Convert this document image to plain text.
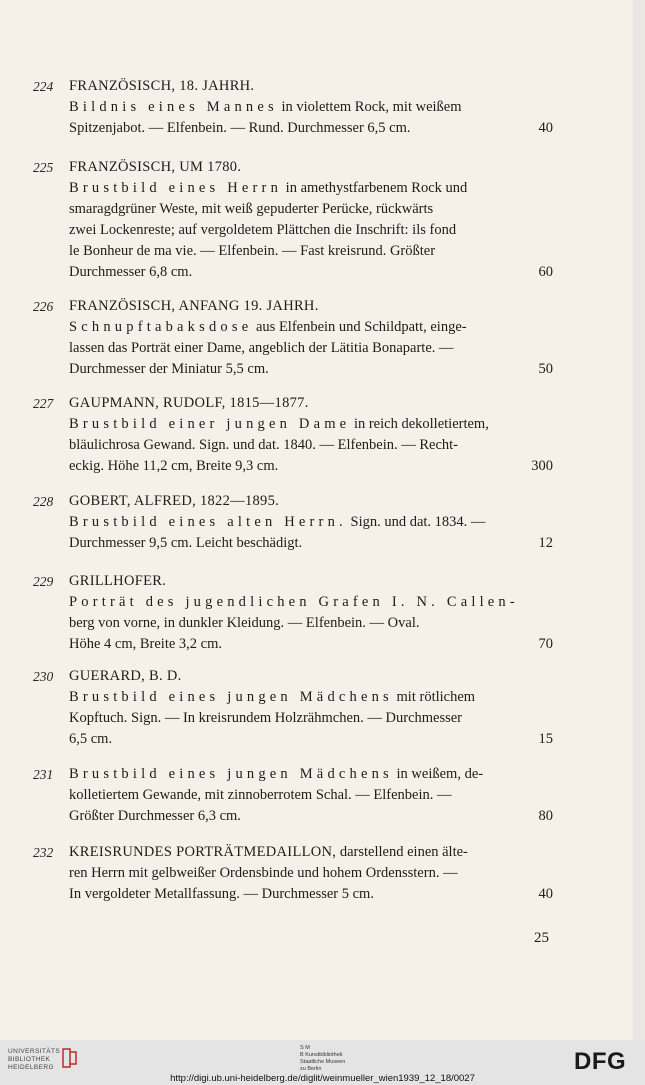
224 FRANZÖSISCH, 18. JAHRH.
Bildnis eines Mannes in violettem Rock, mit weißem
Spitzenjabot. — Elfenbein. — Rund. Durchmesser 6,5 cm.	40
225 FRANZÖSISCH, UM 1780.
Brustbild eines Herrn in amethystfarbenem Rock und
smaragdgrüner Weste, mit weiß gepuderter Perücke, rückwärts
zwei Lockenreste; auf vergoldetem Plättchen die Inschrift: ils fond
le Bonheur de ma vie. — Elfenbein. — Fast kreisrund. Größter
Durchmesser 6,8 cm.	60
226 FRANZÖSISCH, ANFANG 19. JAHRH.
Schnupftabaksdose aus Elfenbein und Schildpatt, einge-
lassen das Porträt einer Dame, angeblich der Lätitia Bonaparte. —
Durchmesser der Miniatur 5,5 cm.	50
227 GAUPMANN, RUDOLF, 1815—1877.
Brustbild einer jungen Dame in reich dekolletiertem,
bläulichrosa Gewand. Sign. und dat. 1840. — Elfenbein. — Recht-
eckig. Höhe 11,2 cm, Breite 9,3 cm.	300
228 GOBERT, ALFRED, 1822—1895.
Brustbild eines alten Herrn. Sign. und dat. 1834. —
Durchmesser 9,5 cm. Leicht beschädigt.	12
229 GRILLHOFER.
Porträt des jugendlichen Grafen I. N. Callen-
berg von vorne, in dunkler Kleidung. — Elfenbein. — Oval.
Höhe 4 cm, Breite 3,2 cm.	70
230 GUERARD, B. D.
Brustbild eines jungen Mädchens mit rötlichem
Kopftuch. Sign. — In kreisrundem Holzrähmchen. — Durchmesser
6,5 cm.	15
231 Brustbild eines jungen Mädchens in weißem, de-
kolletiertem Gewande, mit zinnoberrotem Schal. — Elfenbein. —
Größter Durchmesser 6,3 cm.	80
232 KREISRUNDES PORTRÄTMEDAILLON, darstellend einen älte-
ren Herrn mit gelbweißer Ordensbinde und hohem Ordensstern. —
In vergoldeter Metallfassung. — Durchmesser 5 cm.	40
25
UNIVERSITÄTS
BIBLIOTHEK
HEIDELBERG
S M
B Kunstbibliothek
Staatliche Museen
zu Berlin	DFG
http://digi.ub.uni-heidelberg.de/diglit/weinmueller_wien1939_12_18/0027
